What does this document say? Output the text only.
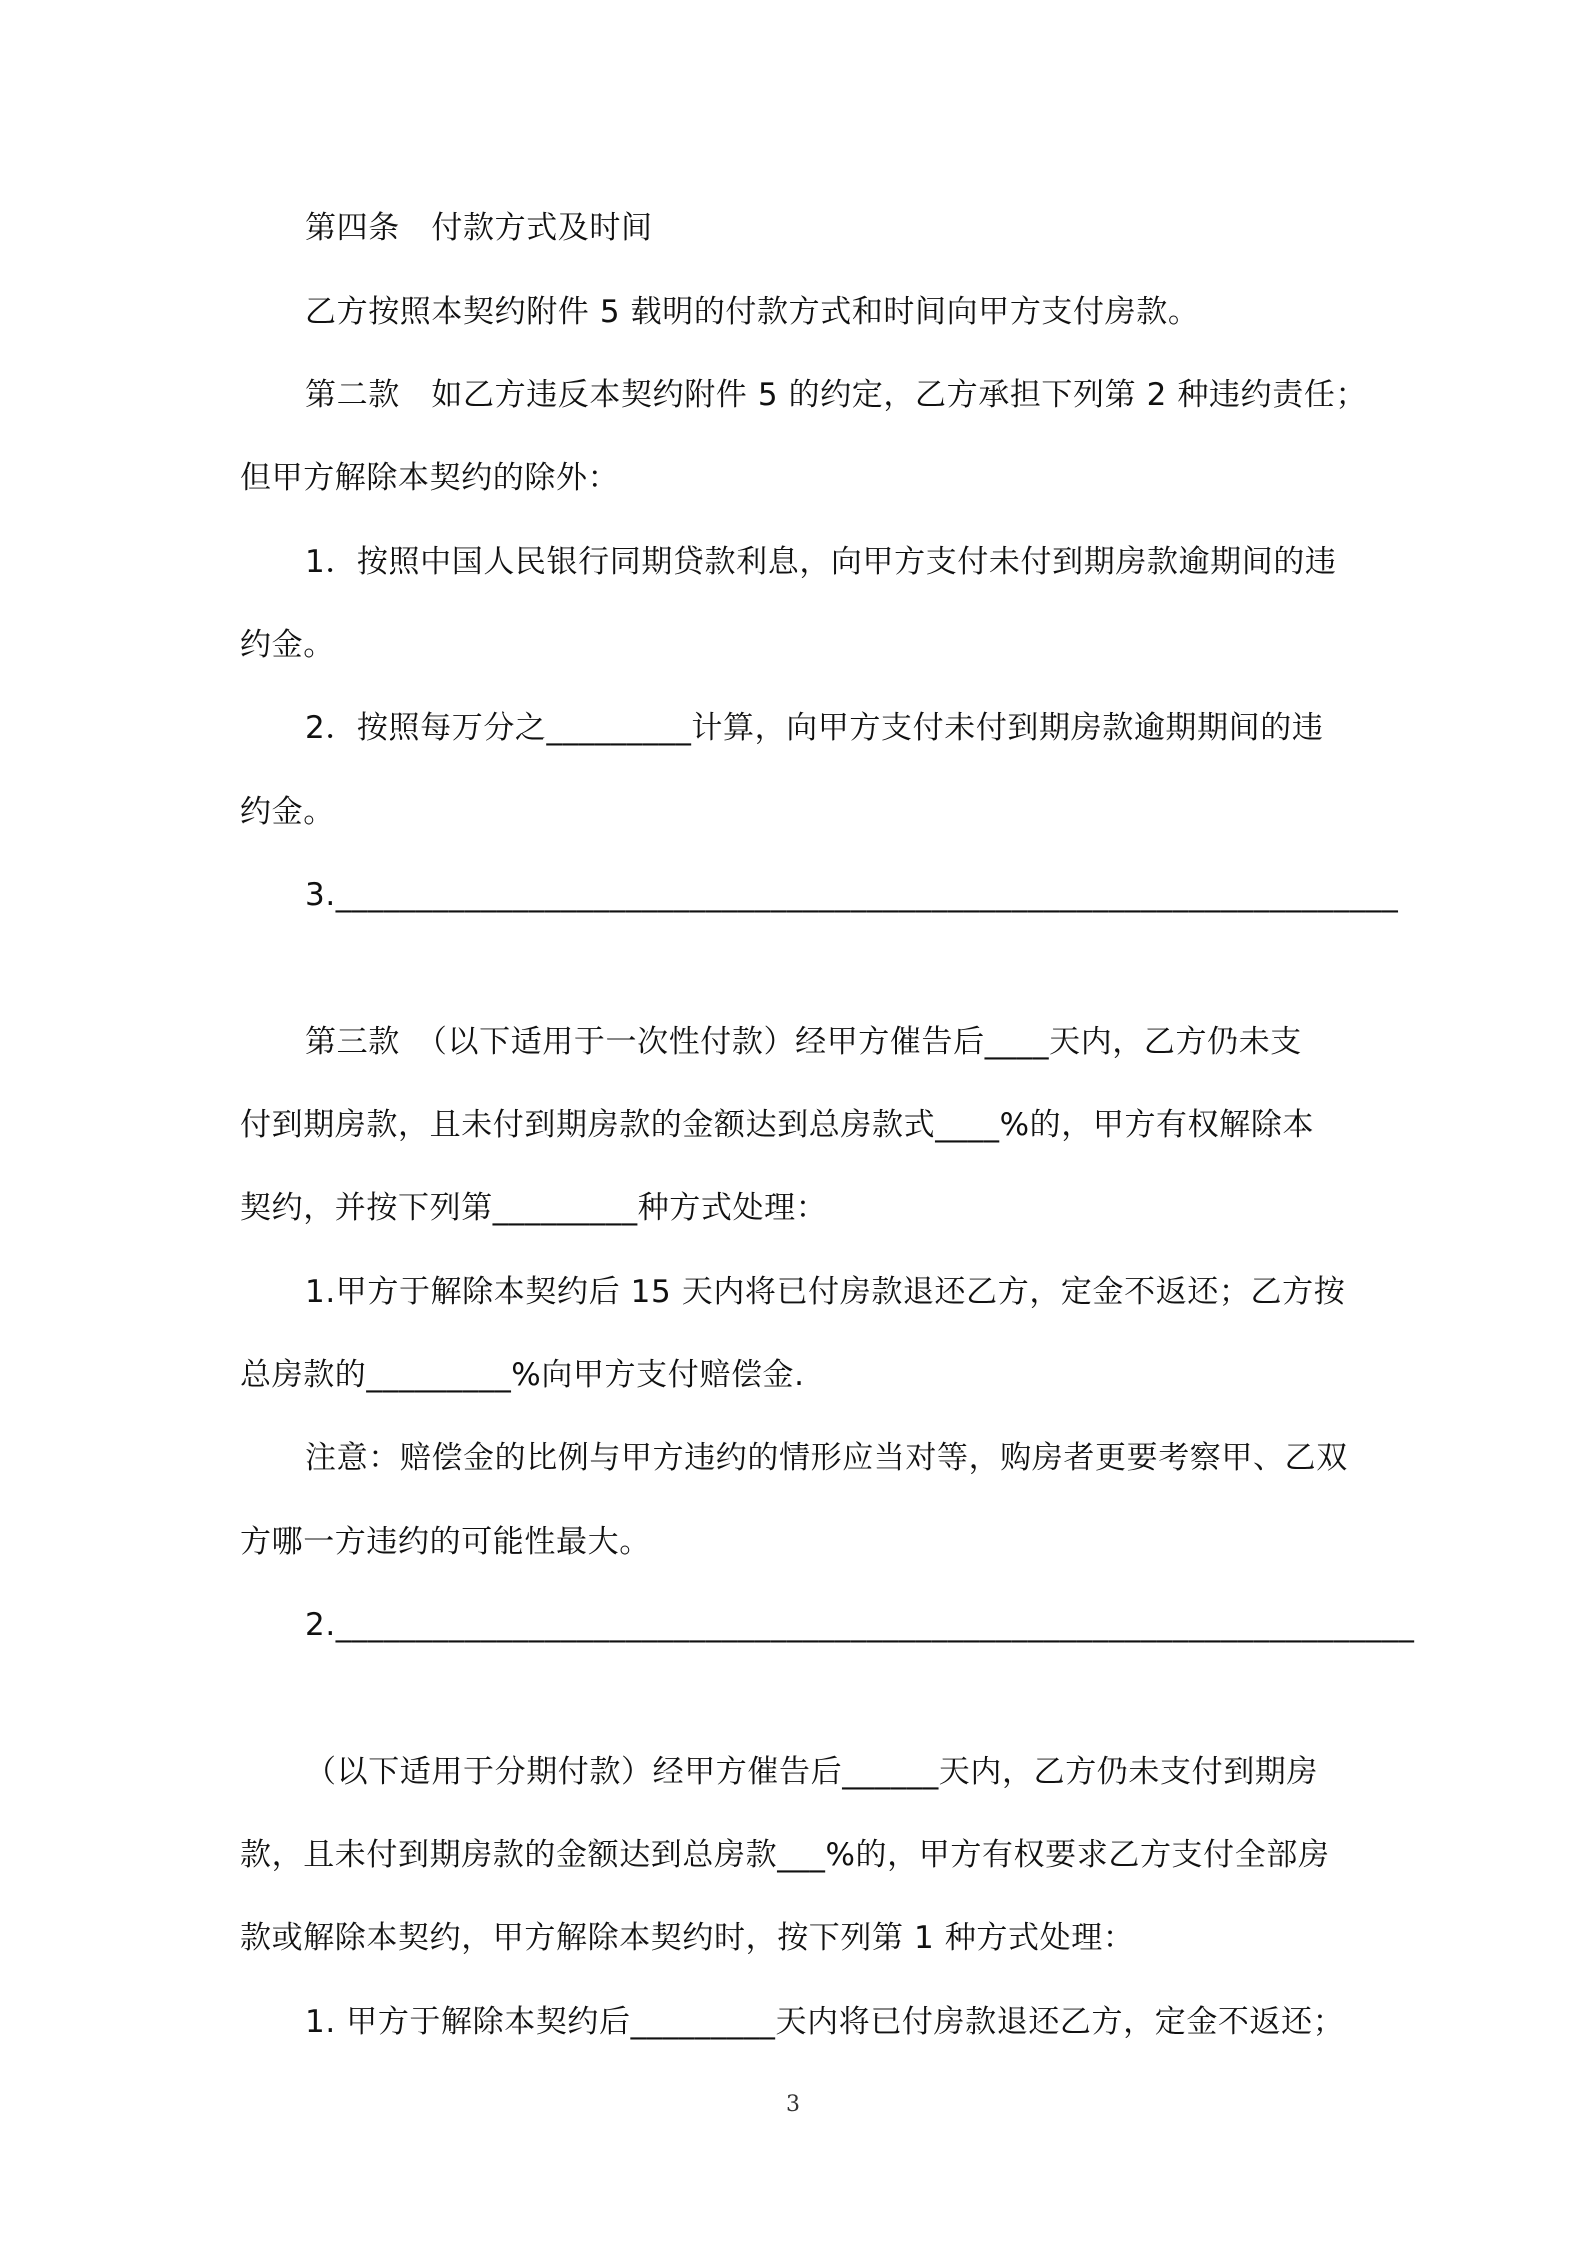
第四条　付款方式及时间
乙方按照本契约附件 5 载明的付款方式和时间向甲方支付房款。
第二款　如乙方违反本契约附件 5 的约定，乙方承担下列第 2 种违约责任；
但甲方解除本契约的除外：
1．按照中国人民银行同期贷款利息，向甲方支付未付到期房款逾期间的违
约金。
2．按照每万分之_________计算，向甲方支付未付到期房款逾期期间的违
约金。
3.__________________________________________________________________
第三款　（以下适用于一次性付款）经甲方催告后____天内，乙方仍未支
付到期房款，且未付到期房款的金额达到总房款式____%的，甲方有权解除本
契约，并按下列第_________种方式处理：
1.甲方于解除本契约后 15 天内将已付房款退还乙方，定金不返还；乙方按
总房款的_________%向甲方支付赔偿金.
注意：赔偿金的比例与甲方违约的情形应当对等，购房者更要考察甲、乙双
方哪一方违约的可能性最大。
2.___________________________________________________________________
（以下适用于分期付款）经甲方催告后______天内，乙方仍未支付到期房
款，且未付到期房款的金额达到总房款___%的，甲方有权要求乙方支付全部房
款或解除本契约，甲方解除本契约时，按下列第 1 种方式处理：
1. 甲方于解除本契约后_________天内将已付房款退还乙方，定金不返还；
3
